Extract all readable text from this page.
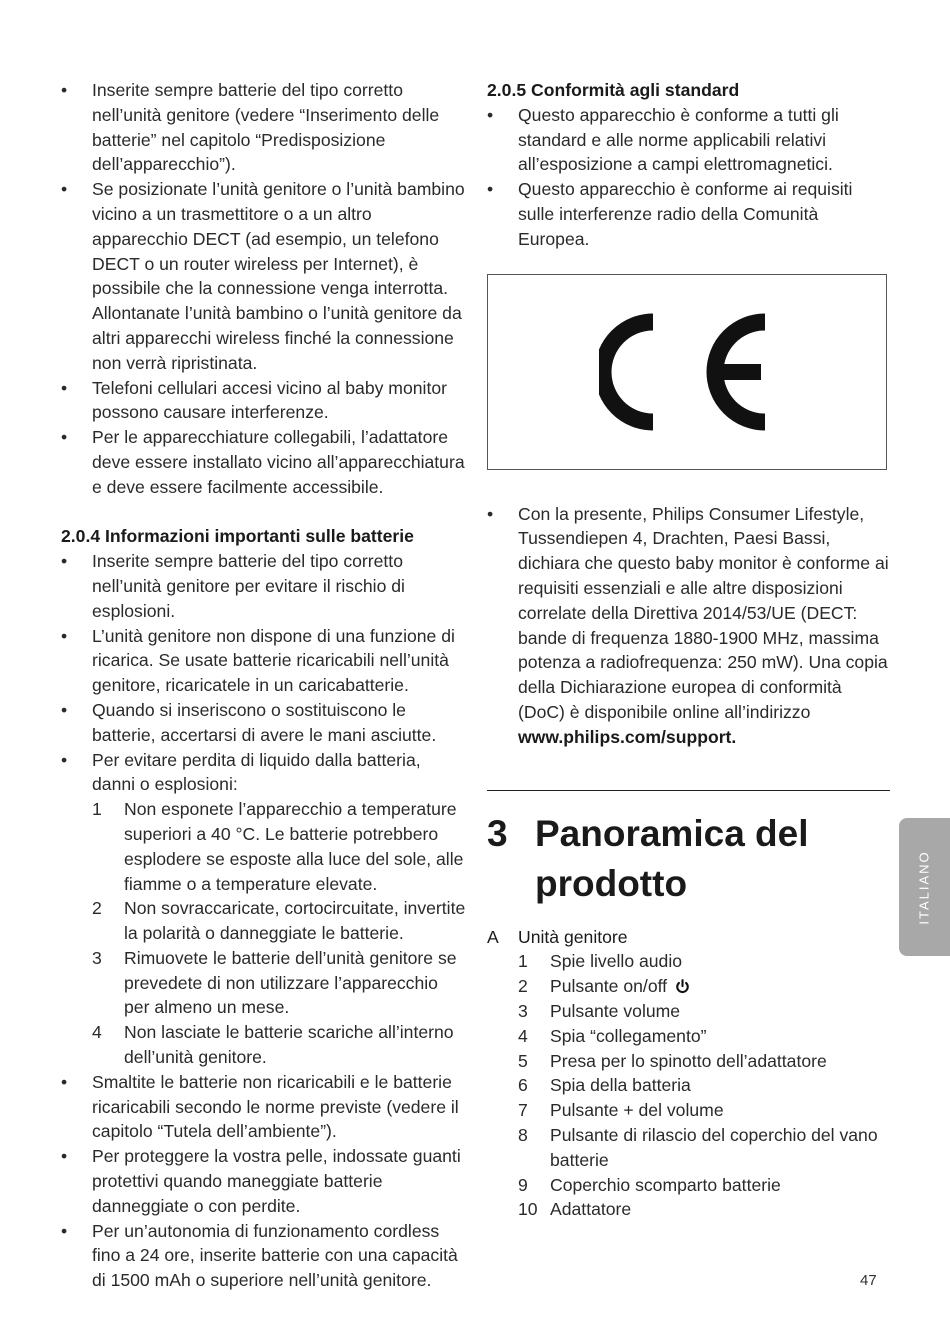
• Inserite sempre batterie del tipo corretto nell’unità genitore (vedere “Inserimento delle batterie” nel capitolo “Predisposizione dell’apparecchio”).
• Se posizionate l’unità genitore o l’unità bambino vicino a un trasmettitore o a un altro apparecchio DECT (ad esempio, un telefono DECT o un router wireless per Internet), è possibile che la connessione venga interrotta. Allontanate l’unità bambino o l’unità genitore da altri apparecchi wireless finché la connessione non verrà ripristinata.
• Telefoni cellulari accesi vicino al baby monitor possono causare interferenze.
• Per le apparecchiature collegabili, l’adattatore deve essere installato vicino all’apparecchiatura e deve essere facilmente accessibile.
2.0.4 Informazioni importanti sulle batterie
• Inserite sempre batterie del tipo corretto nell’unità genitore per evitare il rischio di esplosioni.
• L’unità genitore non dispone di una funzione di ricarica. Se usate batterie ricaricabili nell’unità genitore, ricaricatele in un caricabatterie.
• Quando si inseriscono o sostituiscono le batterie, accertarsi di avere le mani asciutte.
• Per evitare perdita di liquido dalla batteria, danni o esplosioni:
1 Non esponete l’apparecchio a temperature superiori a 40 °C. Le batterie potrebbero esplodere se esposte alla luce del sole, alle fiamme o a temperature elevate.
2 Non sovraccaricate, cortocircuitate, invertite la polarità o danneggiate le batterie.
3 Rimuovete le batterie dell’unità genitore se prevedete di non utilizzare l’apparecchio per almeno un mese.
4 Non lasciate le batterie scariche all’interno dell’unità genitore.
• Smaltite le batterie non ricaricabili e le batterie ricaricabili secondo le norme previste (vedere il capitolo “Tutela dell’ambiente”).
• Per proteggere la vostra pelle, indossate guanti protettivi quando maneggiate batterie danneggiate o con perdite.
• Per un’autonomia di funzionamento cordless fino a 24 ore, inserite batterie con una capacità di 1500 mAh o superiore nell’unità genitore.
2.0.5 Conformità agli standard
• Questo apparecchio è conforme a tutti gli standard e alle norme applicabili relativi all’esposizione a campi elettromagnetici.
• Questo apparecchio è conforme ai requisiti sulle interferenze radio della Comunità Europea.
• Con la presente, Philips Consumer Lifestyle, Tussendiepen 4, Drachten, Paesi Bassi, dichiara che questo baby monitor è conforme ai requisiti essenziali e alle altre disposizioni correlate della Direttiva 2014/53/UE (DECT: bande di frequenza 1880-1900 MHz, massima potenza a radiofrequenza: 250 mW). Una copia della Dichiarazione europea di conformità (DoC) è disponibile online all’indirizzo www.philips.com/support.
3 Panoramica del
prodotto
A Unità genitore
1 Spie livello audio
2 Pulsante on/off
3 Pulsante volume
4 Spia “collegamento”
5 Presa per lo spinotto dell’adattatore
6 Spia della batteria
7 Pulsante + del volume
8 Pulsante di rilascio del coperchio del vano batterie
9 Coperchio scomparto batterie
10 Adattatore
ITALIANO
47
